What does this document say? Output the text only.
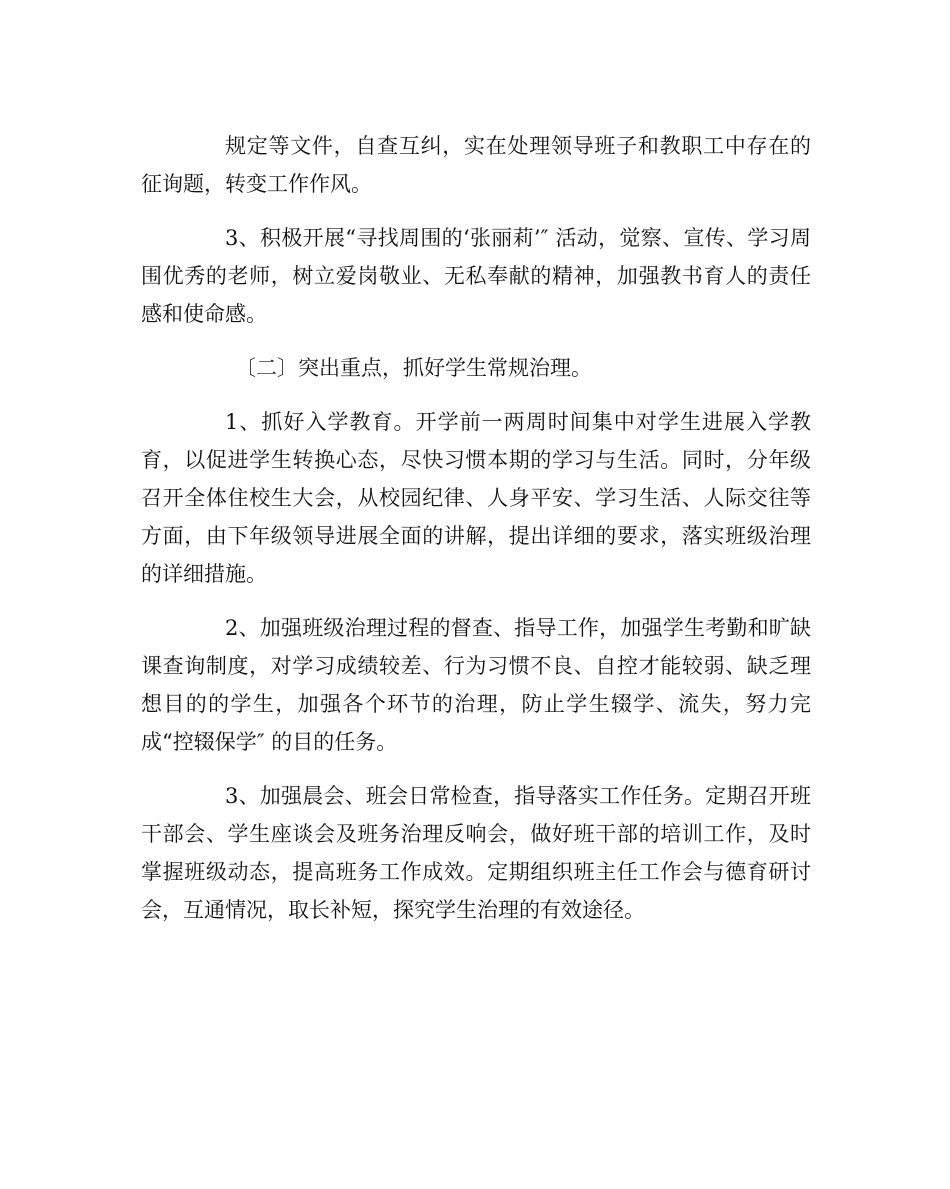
规定等文件，自查互纠，实在处理领导班子和教职工中存在的征询题，转变工作作风。

3、积极开展“寻找周围的‘张丽莉’″ 活动，觉察、宣传、学习周围优秀的老师，树立爱岗敬业、无私奉献的精神，加强教书育人的责任感和使命感。

〔二〕突出重点，抓好学生常规治理。

1、抓好入学教育。开学前一两周时间集中对学生进展入学教育，以促进学生转换心态，尽快习惯本期的学习与生活。同时，分年级召开全体住校生大会，从校园纪律、人身平安、学习生活、人际交往等方面，由下年级领导进展全面的讲解，提出详细的要求，落实班级治理的详细措施。

2、加强班级治理过程的督查、指导工作，加强学生考勤和旷缺课查询制度，对学习成绩较差、行为习惯不良、自控才能较弱、缺乏理想目的的学生，加强各个环节的治理，防止学生辍学、流失，努力完成“控辍保学″ 的目的任务。

3、加强晨会、班会日常检查，指导落实工作任务。定期召开班干部会、学生座谈会及班务治理反响会，做好班干部的培训工作，及时掌握班级动态，提高班务工作成效。定期组织班主任工作会与德育研讨会，互通情况，取长补短，探究学生治理的有效途径。
